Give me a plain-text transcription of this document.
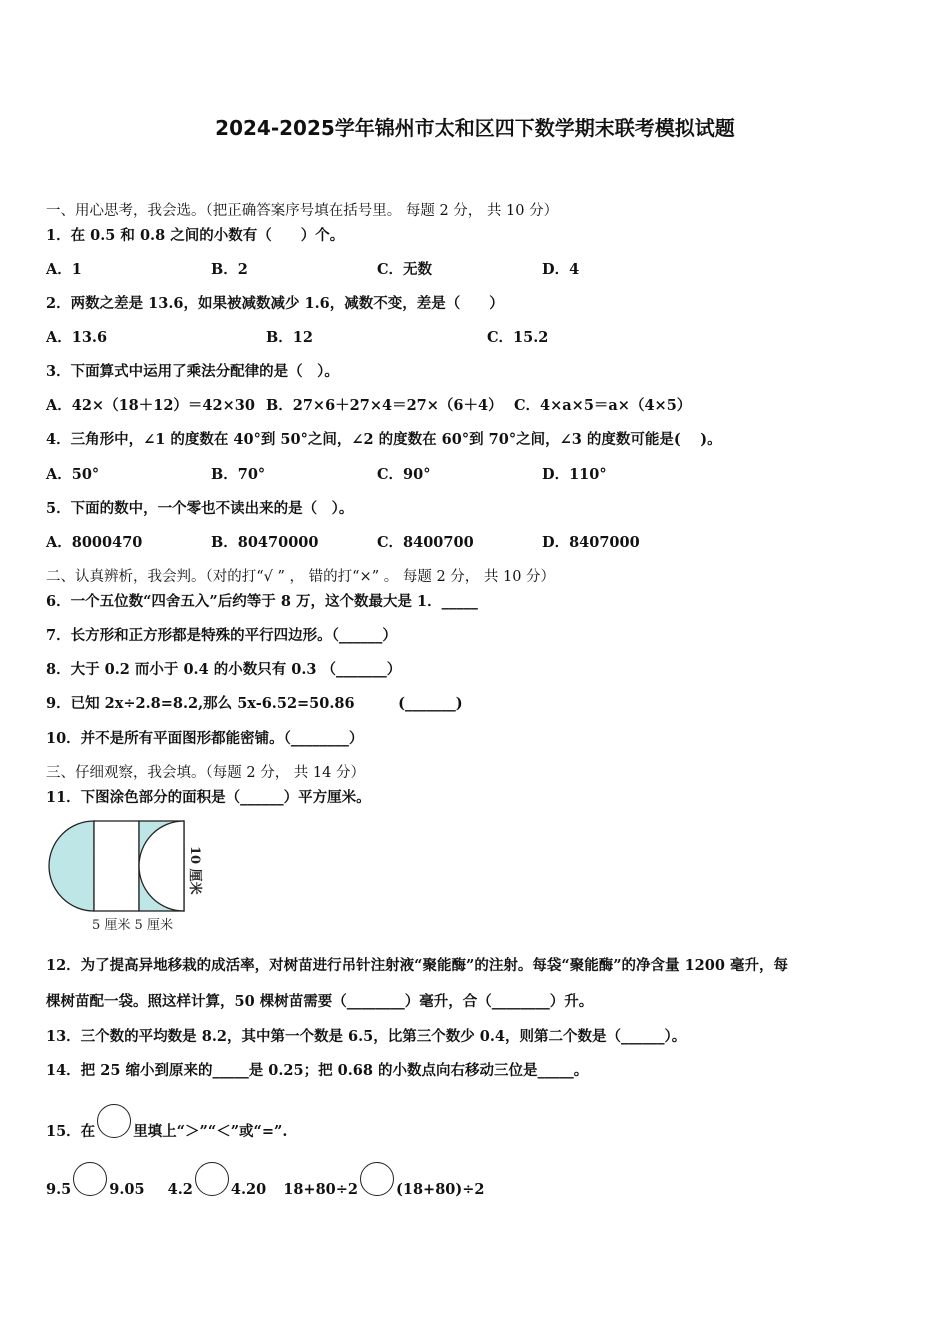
2024-2025学年锦州市太和区四下数学期末联考模拟试题
一、用心思考，我会选。（把正确答案序号填在括号里。 每题 2 分， 共 10 分）
1．在 0.5 和 0.8 之间的小数有（　　）个。
A．1	B．2	C．无数	D．4
2．两数之差是 13.6，如果被减数减少 1.6，减数不变，差是（　　）
A．13.6	B．12	C．15.2
3．下面算式中运用了乘法分配律的是（　）。
A．42×（18＋12）＝42×30 B．27×6＋27×4＝27×（6＋4） C．4×a×5＝a×（4×5）
4．三角形中，∠1 的度数在 40°到 50°之间，∠2 的度数在 60°到 70°之间，∠3 的度数可能是(　 )。
A．50°	B．70°	C．90°	D．110°
5．下面的数中，一个零也不读出来的是（　）。
A．8000470	B．80470000	C．8400700	D．8407000
二、认真辨析，我会判。（对的打“√ ” ， 错的打“×” 。 每题 2 分， 共 10 分）
6．一个五位数“四舍五入”后约等于 8 万，这个数最大是 1．_____
7．长方形和正方形都是特殊的平行四边形。（______）
8．大于 0.2 而小于 0.4 的小数只有 0.3 （_______）
9．已知 2x÷2.8=8.2,那么 5x-6.52=50.86　　　(_______)
10．并不是所有平面图形都能密铺。（________）
三、仔细观察，我会填。（每题 2 分， 共 14 分）
11．下图涂色部分的面积是（______）平方厘米。
5 厘米 5 厘米
10 厘米
12．为了提高异地移栽的成活率，对树苗进行吊针注射液“聚能酶”的注射。每袋“聚能酶”的净含量 1200 毫升，每
棵树苗配一袋。照这样计算，50 棵树苗需要（________）毫升，合（________）升。
13．三个数的平均数是 8.2，其中第一个数是 6.5，比第三个数少 0.4，则第二个数是（______）。
14．把 25 缩小到原来的_____是 0.25；把 0.68 的小数点向右移动三位是_____。
15．在	里填上“＞”“＜”或“=”.
9.5	9.05 4.2	4.20 18+80÷2	(18+80)÷2
